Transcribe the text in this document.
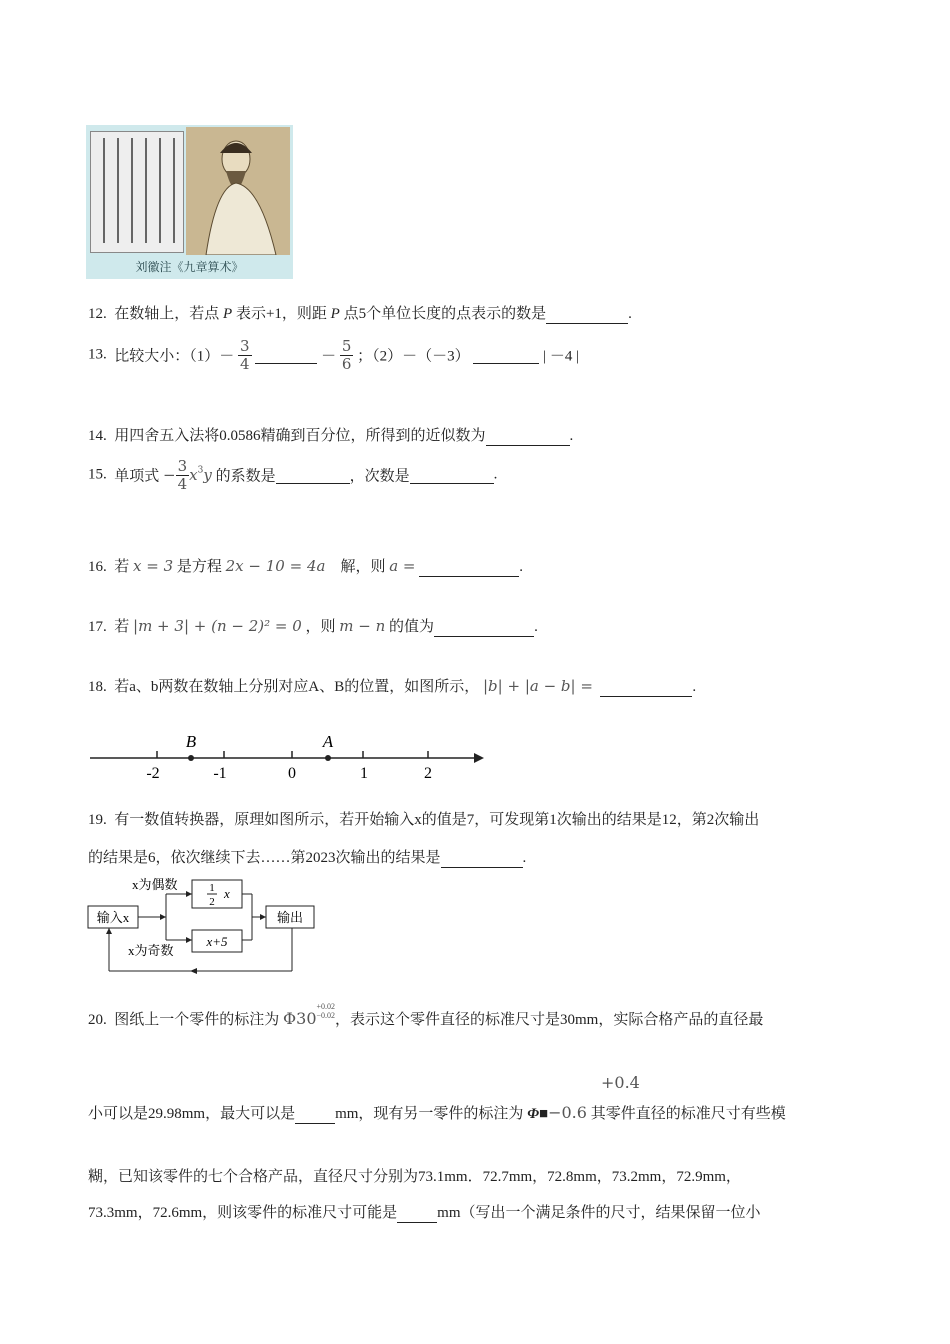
刘徽注《九章算术》
12. 在数轴上，若点 P 表示+1，则距 P 点5个单位长度的点表示的数是	.
13. 比较大小：$(1)- \frac{3}{4}$	－ $\frac{5}{6}$ ；（2）－（－3）	| －4 |
14. 用四舍五入法将0.0586精确到百分位，所得到的近似数为	.
15. 单项式 − $\frac{3}{4} x^3y$ 的系数是	，次数是	.
16. 若 x = 3 是方程 2x − 10 = 4a 解，则 a =	.
17. 若 |m + 3| + (n − 2)² = 0 ，则 m − n 的值为	.
18. 若a、b两数在数轴上分别对应A、B的位置，如图所示， |b| + |a − b| =	.
B	A
-2	-1	0	1	2
19. 有一数值转换器，原理如图所示，若开始输入x的值是7，可发现第1次输出的结果是12，第2次输出
的结果是6，依次继续下去……第2023次输出的结果是	.
输入x
x为偶数
x为奇数
1
2
x
x+5
输出
20. 图纸上一个零件的标注为 Φ30
+0.02
−0.02 ，表示这个零件直径的标准尺寸是30mm，实际合格产品的直径最
+0.4
小可以是29.98mm，最大可以是	mm，现有另一零件的标注为 Φ■−0.6 其零件直径的标准尺寸有些模
糊，已知该零件的七个合格产品，直径尺寸分别为73.1mm．72.7mm，72.8mm，73.2mm，72.9mm，
73.3mm，72.6mm，则该零件的标准尺寸可能是	mm（写出一个满足条件的尺寸，结果保留一位小
